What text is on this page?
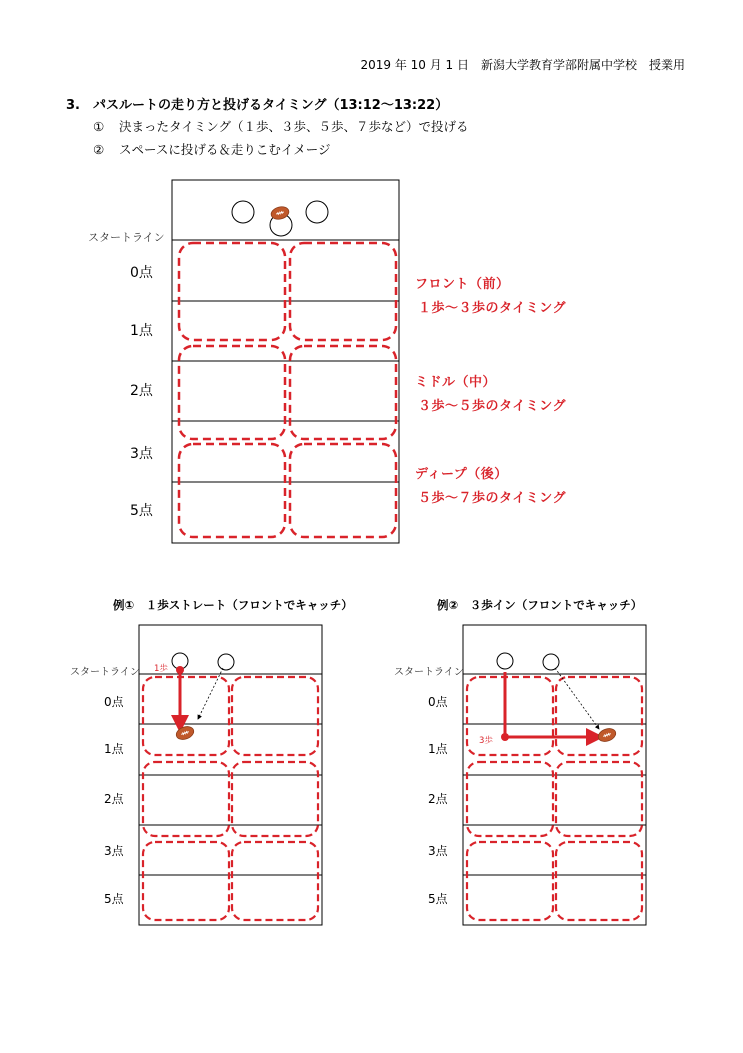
2019 年 10 月 1 日　新潟大学教育学部附属中学校　授業用
3.　パスルートの走り方と投げるタイミング（13:12〜13:22）
① 決まったタイミング（１歩、３歩、５歩、７歩など）で投げる
② スペースに投げる＆走りこむイメージ
スタートライン
0点
1点
2点
3点
5点
フロント（前）
１歩〜３歩のタイミング
ミドル（中）
３歩〜５歩のタイミング
ディープ（後）
５歩〜７歩のタイミング
例①　１歩ストレート（フロントでキャッチ）
スタートライン 1歩
0点
1点
2点
3点
5点
例②　３歩イン（フロントでキャッチ）
スタートライン
3歩
0点
1点
2点
3点
5点
